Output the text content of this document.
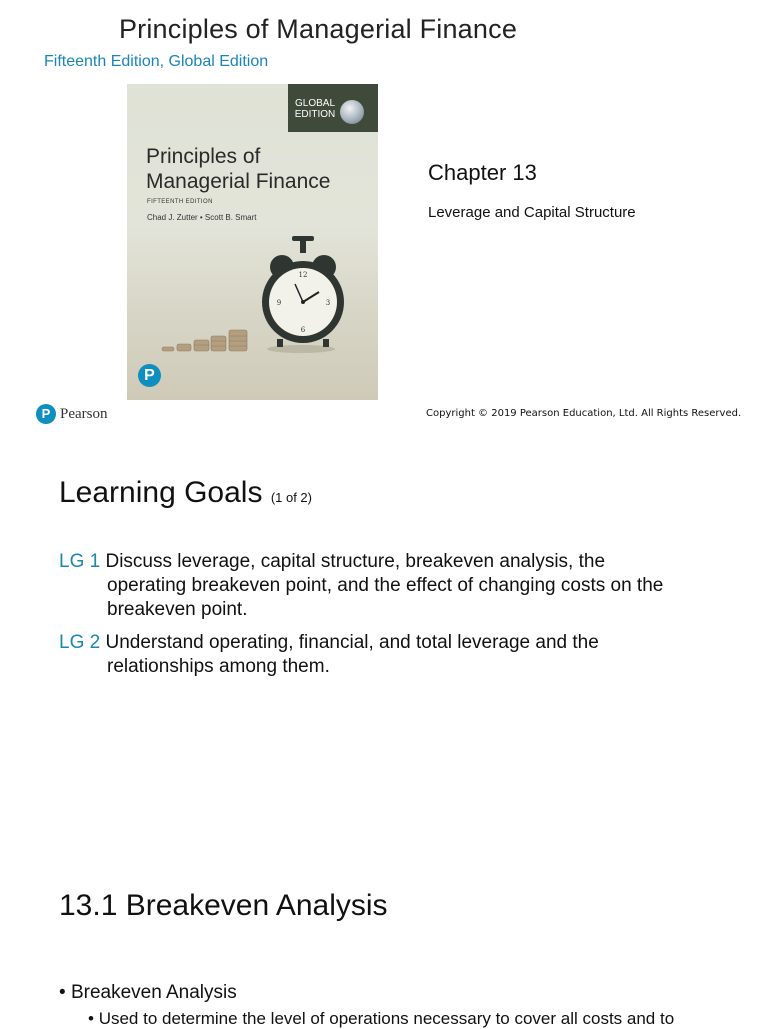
Principles of Managerial Finance
Fifteenth Edition, Global Edition
GLOBAL EDITION
Principles of
Managerial Finance
FIFTEENTH EDITION
Chad J. Zutter • Scott B. Smart
12
3
6
9
P
Chapter 13
Leverage and Capital Structure
P Pearson	Copyright © 2019 Pearson Education, Ltd. All Rights Reserved.
Learning Goals (1 of 2)
LG 1 Discuss leverage, capital structure, breakeven analysis, the
operating breakeven point, and the effect of changing costs on the breakeven point.
LG 2 Understand operating, financial, and total leverage and the
relationships among them.
13.1 Breakeven Analysis
• Breakeven Analysis
• Used to determine the level of operations necessary to cover all costs and to
